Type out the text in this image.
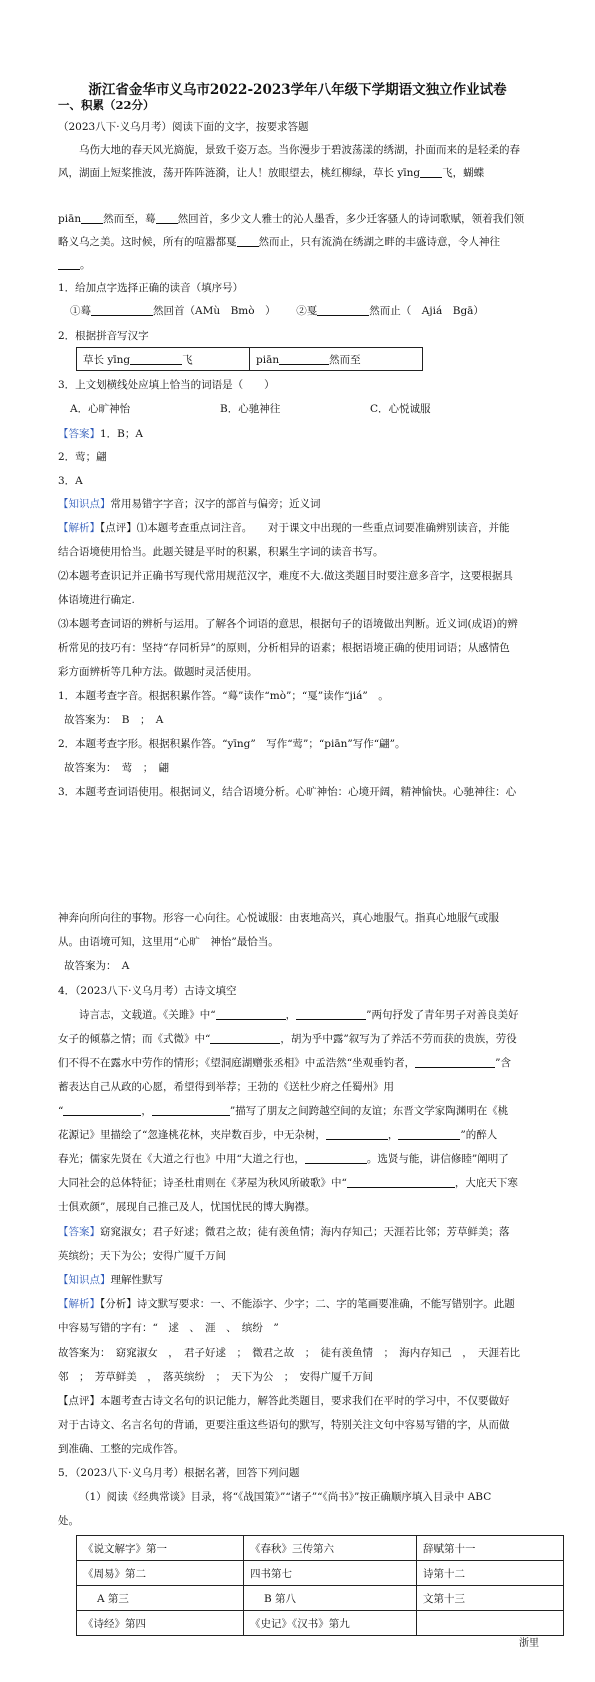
浙江省金华市义乌市2022-2023学年八年级下学期语文独立作业试卷
一、积累（22分）
（2023八下·义乌月考）阅读下面的文字，按要求答题
乌伤大地的春天风光旖旎，景致千姿万态。当你漫步于碧波荡漾的绣湖，扑面而来的是轻柔的春风，湖面上短桨推波，荡开阵阵涟漪，让人！放眼望去，桃红柳绿，草长 yīng 飞，蝴蝶
piān 然而至，蓦 然回首，多少文人雅士的沁人墨香，多少迁客骚人的诗词歌赋，领着我们领
略义乌之美。这时候，所有的喧嚣都戛 然而止，只有流淌在绣湖之畔的丰盛诗意，令人神往
。
1．给加点字选择正确的读音（填序号）
①蓦	然回首（AMù　Bmò　） ②戛	然而止（　Ajiá　Bgā）
2．根据拼音写汉字
草长 yīng	飞	piān	然而至
3．上文划横线处应填上恰当的词语是（　　）
A．心旷神怡	B．心驰神往	C．心悦诚服
【答案】1．B；A
2．莺；翩
3．A
【知识点】常用易错字字音；汉字的部首与偏旁；近义词
【解析】【点评】⑴本题考查重点词注音。　　对于课文中出现的一些重点词要准确辨别读音，并能
结合语境使用恰当。此题关键是平时的积累，积累生字词的读音书写。
⑵本题考查识记并正确书写现代常用规范汉字，难度不大.做这类题目时要注意多音字，这要根据具
体语境进行确定.
⑶本题考查词语的辨析与运用。了解各个词语的意思，根据句子的语境做出判断。近义词(成语)的辨
析常见的技巧有：坚持“存同析异”的原则，分析相异的语素；根据语境正确的使用词语；从感情色
彩方面辨析等几种方法。做题时灵活使用。
1．本题考查字音。根据积累作答。“蓦”读作“mò”；“戛”读作“jiá”　。
故答案为：　B　；　A
2．本题考查字形。根据积累作答。“yīng”　写作“莺”；“piān”写作“翩”。
故答案为：　莺　；　翩
3．本题考查词语使用。根据词义，结合语境分析。心旷神怡：心境开阔，精神愉快。心驰神往：心
神奔向所向往的事物。形容一心向往。心悦诚服：由衷地高兴，真心地服气。指真心地服气或服
从。由语境可知，这里用“心旷　神怡”最恰当。
故答案为：　A
4．（2023八下·义乌月考）古诗文填空
诗言志，文载道。《关雎》中“	，	”两句抒发了青年男子对善良美好
女子的倾慕之情；而《式微》中“	，胡为乎中露”叙写为了养活不劳而获的贵族，劳役
们不得不在露水中劳作的情形；《望洞庭湖赠张丞相》中孟浩然“坐观垂钓者，	”含
蓄表达自己从政的心愿，希望得到举荐；王勃的《送杜少府之任蜀州》用
“	，	”描写了朋友之间跨越空间的友谊；东晋文学家陶渊明在《桃
花源记》里描绘了“忽逢桃花林，夹岸数百步，中无杂树，	，	”的醉人
春光；儒家先贤在《大道之行也》中用“大道之行也，	。选贤与能，讲信修睦”阐明了
大同社会的总体特征；诗圣杜甫则在《茅屋为秋风所破歌》中“	，大庇天下寒
士俱欢颜”，展现自己推己及人，忧国忧民的博大胸襟。
【答案】窈窕淑女；君子好逑；微君之故；徒有羡鱼情；海内存知己；天涯若比邻；芳草鲜美；落
英缤纷；天下为公；安得广厦千万间
【知识点】理解性默写
【解析】【分析】诗文默写要求：一、不能添字、少字；二、字的笔画要准确，不能写错别字。此题
中容易写错的字有：“　逑　、　涯　、　缤纷　”
故答案为：　窈窕淑女　，　君子好逑　；　微君之故　；　徒有羡鱼情　；　海内存知己　，　天涯若比
邻　；　芳草鲜美　，　落英缤纷　；　天下为公　；　安得广厦千万间
【点评】本题考查古诗文名句的识记能力，解答此类题目，要求我们在平时的学习中，不仅要做好
对于古诗文、名言名句的背诵，更要注重这些语句的默写，特别关注文句中容易写错的字，从而做
到准确、工整的完成作答。
5．（2023八下·义乌月考）根据名著，回答下列问题
（1）阅读《经典常谈》目录，将“《战国策》”“诸子”“《尚书》”按正确顺序填入目录中 ABC
处。
《说文解字》第一	《春秋》三传第六	辞赋第十一
《周易》第二	四书第七	诗第十二
A 第三	B 第八	文第十三
《诗经》第四	《史记》《汉书》第九	
浙里
